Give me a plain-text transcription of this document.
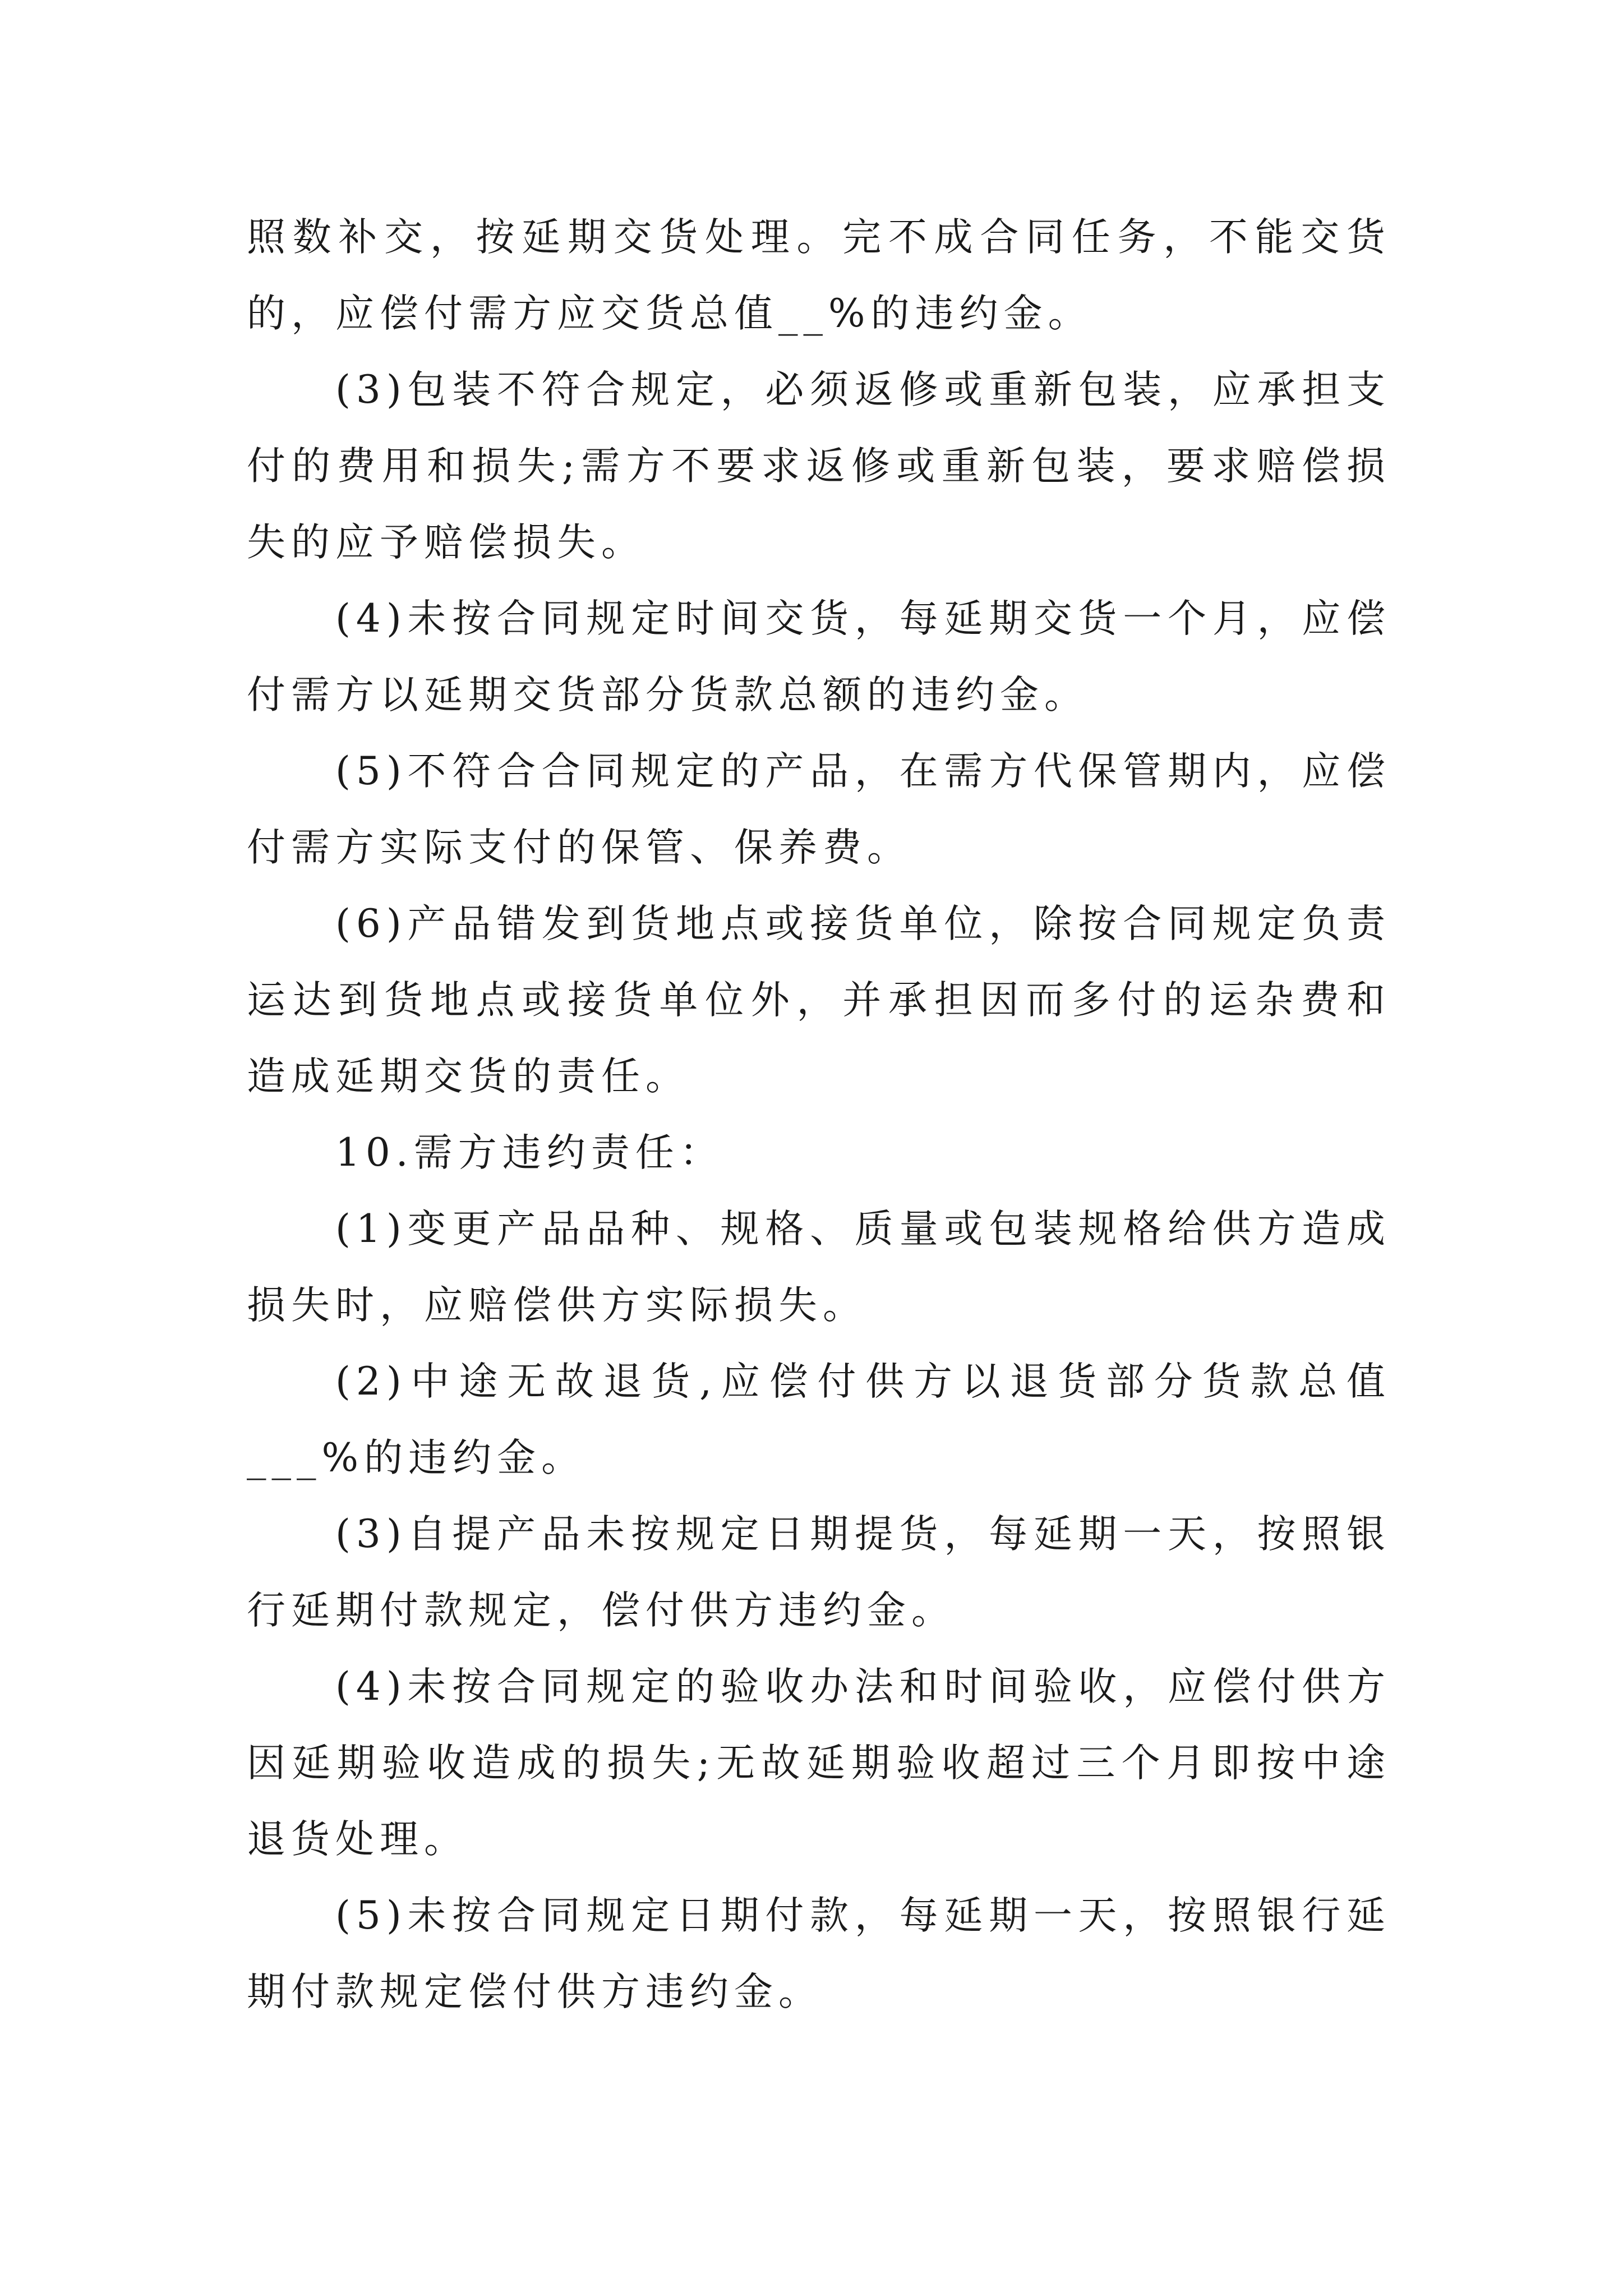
照数补交，按延期交货处理。完不成合同任务，不能交货的，应偿付需方应交货总值__%的违约金。

(3)包装不符合规定，必须返修或重新包装，应承担支付的费用和损失;需方不要求返修或重新包装，要求赔偿损失的应予赔偿损失。

(4)未按合同规定时间交货，每延期交货一个月，应偿付需方以延期交货部分货款总额的违约金。

(5)不符合合同规定的产品，在需方代保管期内，应偿付需方实际支付的保管、保养费。

(6)产品错发到货地点或接货单位，除按合同规定负责运达到货地点或接货单位外，并承担因而多付的运杂费和造成延期交货的责任。

10.需方违约责任：

(1)变更产品品种、规格、质量或包装规格给供方造成损失时，应赔偿供方实际损失。

(2)中途无故退货,应偿付供方以退货部分货款总值___%的违约金。

(3)自提产品未按规定日期提货，每延期一天，按照银行延期付款规定，偿付供方违约金。

(4)未按合同规定的验收办法和时间验收，应偿付供方因延期验收造成的损失;无故延期验收超过三个月即按中途退货处理。

(5)未按合同规定日期付款，每延期一天，按照银行延期付款规定偿付供方违约金。
